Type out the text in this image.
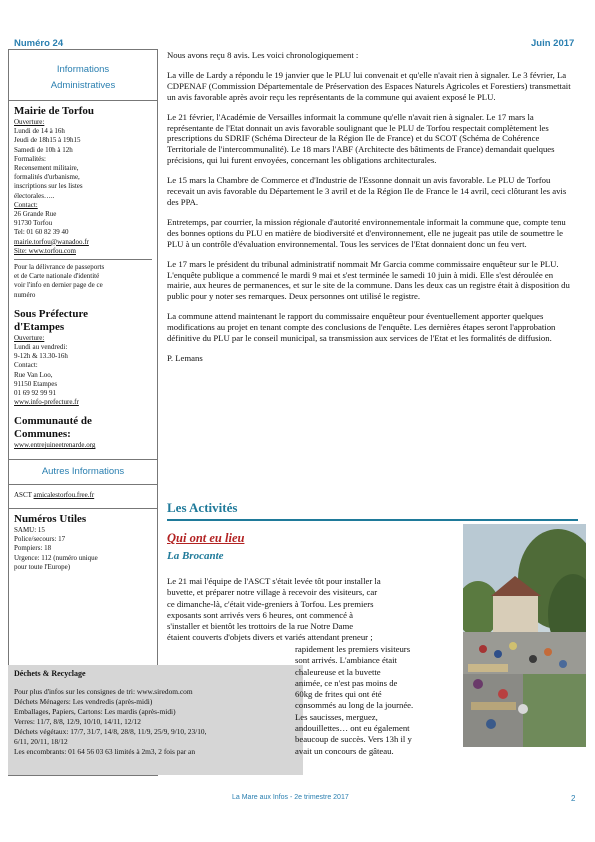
Numéro 24	Juin 2017
Informations
Administratives
Mairie de Torfou
Ouverture:
Lundi de 14 à 16h
Jeudi de 18h15 à 19h15
Samedi de 10h à 12h
Formalités:
Recensement militaire,
formalités d'urbanisme,
inscriptions sur les listes
électorales…..
Contact:
26 Grande Rue
91730 Torfou
Tel: 01 60 82 39 40
mairie.torfou@wanadoo.fr
Site: www.torfou.com
Pour la délivrance de passeports
et de Carte nationale d'identité
voir l'info en dernier page de ce
numéro
Sous Préfecture
d'Etampes
Ouverture:
Lundi au vendredi:
9-12h & 13.30-16h
Contact:
Rue Van Loo,
91150 Etampes
01 69 92 99 91
www.info-prefecture.fr
Communauté de
Communes:
www.entrejuineetrenarde.org
Autres Informations
ASCT amicalestorfou.free.fr
Numéros Utiles
SAMU: 15
Police/secours: 17
Pompiers: 18
Urgence: 112 (numéro unique
pour toute l'Europe)
Déchets & Recyclage
Pour plus d'infos sur les consignes de tri: www.siredom.com
Déchets Ménagers: Les vendredis (après-midi)
Emballages, Papiers, Cartons: Les mardis (après-midi)
Verres: 11/7, 8/8, 12/9, 10/10, 14/11, 12/12
Déchets végétaux: 17/7, 31/7, 14/8, 28/8, 11/9, 25/9, 9/10, 23/10,
6/11, 20/11, 18/12
Les encombrants: 01 64 56 03 63 limités à 2m3, 2 fois par an

Nous avons reçu 8 avis. Les voici chronologiquement :

La ville de Lardy a répondu le 19 janvier que le PLU lui convenait et qu'elle n'avait rien à signaler. Le 3 février, La CDPENAF (Commission Départementale de Préservation des Espaces Naturels Agricoles et Forestiers) transmettait un avis favorable après avoir reçu les représentants de la commune qui avaient exposé le PLU.

Le 21 février, l'Académie de Versailles informait la commune qu'elle n'avait rien à signaler. Le 17 mars la représentante de l'Etat donnait un avis favorable soulignant que le PLU de Torfou respectait complètement les prescriptions du SDRIF (Schéma Directeur de la Région Ile de France) et du SCOT (Schéma de Cohérence Territoriale de l'intercommunalité). Le 18 mars l'ABF (Architecte des bâtiments de France) demandait quelques précisions, qui lui furent envoyées, concernant les obligations architecturales.

Le 15 mars la Chambre de Commerce et d'Industrie de l'Essonne donnait un avis favorable. Le PLU de Torfou recevait un avis favorable du Département le 3 avril et de la Région Ile de France le 14 avril, ceci clôturant les avis des PPA.

Entretemps, par courrier, la mission régionale d'autorité environnementale informait la commune que, compte tenu des bonnes options du PLU en matière de biodiversité et d'environnement, elle ne jugeait pas utile de soumettre le PLU à un contrôle d'évaluation environnemental. Tous les services de l'Etat donnaient donc un feu vert.

Le 17 mars le président du tribunal administratif nommait Mr Garcia comme commissaire enquêteur sur le PLU. L'enquête publique a commencé le mardi 9 mai et s'est terminée le samedi 10 juin à midi. Elle s'est déroulée en mairie, aux heures de permanences, et sur le site de la commune. Dans les deux cas un registre était à disposition du public pour y noter ses remarques. Deux personnes ont utilisé le registre.

La commune attend maintenant le rapport du commissaire enquêteur pour éventuellement apporter quelques modifications au projet en tenant compte des conclusions de l'enquête. Les dernières étapes seront l'approbation définitive du PLU par le conseil municipal, sa transmission aux services de l'Etat et les formalités de diffusion.

P. Lemans

Les Activités
Qui ont eu lieu
La Brocante
Le 21 mai l'équipe de l'ASCT s'était levée tôt pour installer la
buvette, et préparer notre village à recevoir des visiteurs, car
ce dimanche-là, c'était vide-greniers à Torfou. Les premiers
exposants sont arrivés vers 6 heures, ont commencé à
s'installer et bientôt les trottoirs de la rue Notre Dame
étaient couverts d'objets divers et variés attendant preneur ;
rapidement les premiers visiteurs
sont arrivés. L'ambiance était
chaleureuse et la buvette
animée, ce n'est pas moins de
60kg de frites qui ont été
consommés au long de la journée.
Les saucisses, merguez,
andouillettes… ont eu également
beaucoup de succès. Vers 13h il y
avait un concours de gâteau.
La Mare aux Infos - 2e trimestre 2017	2
